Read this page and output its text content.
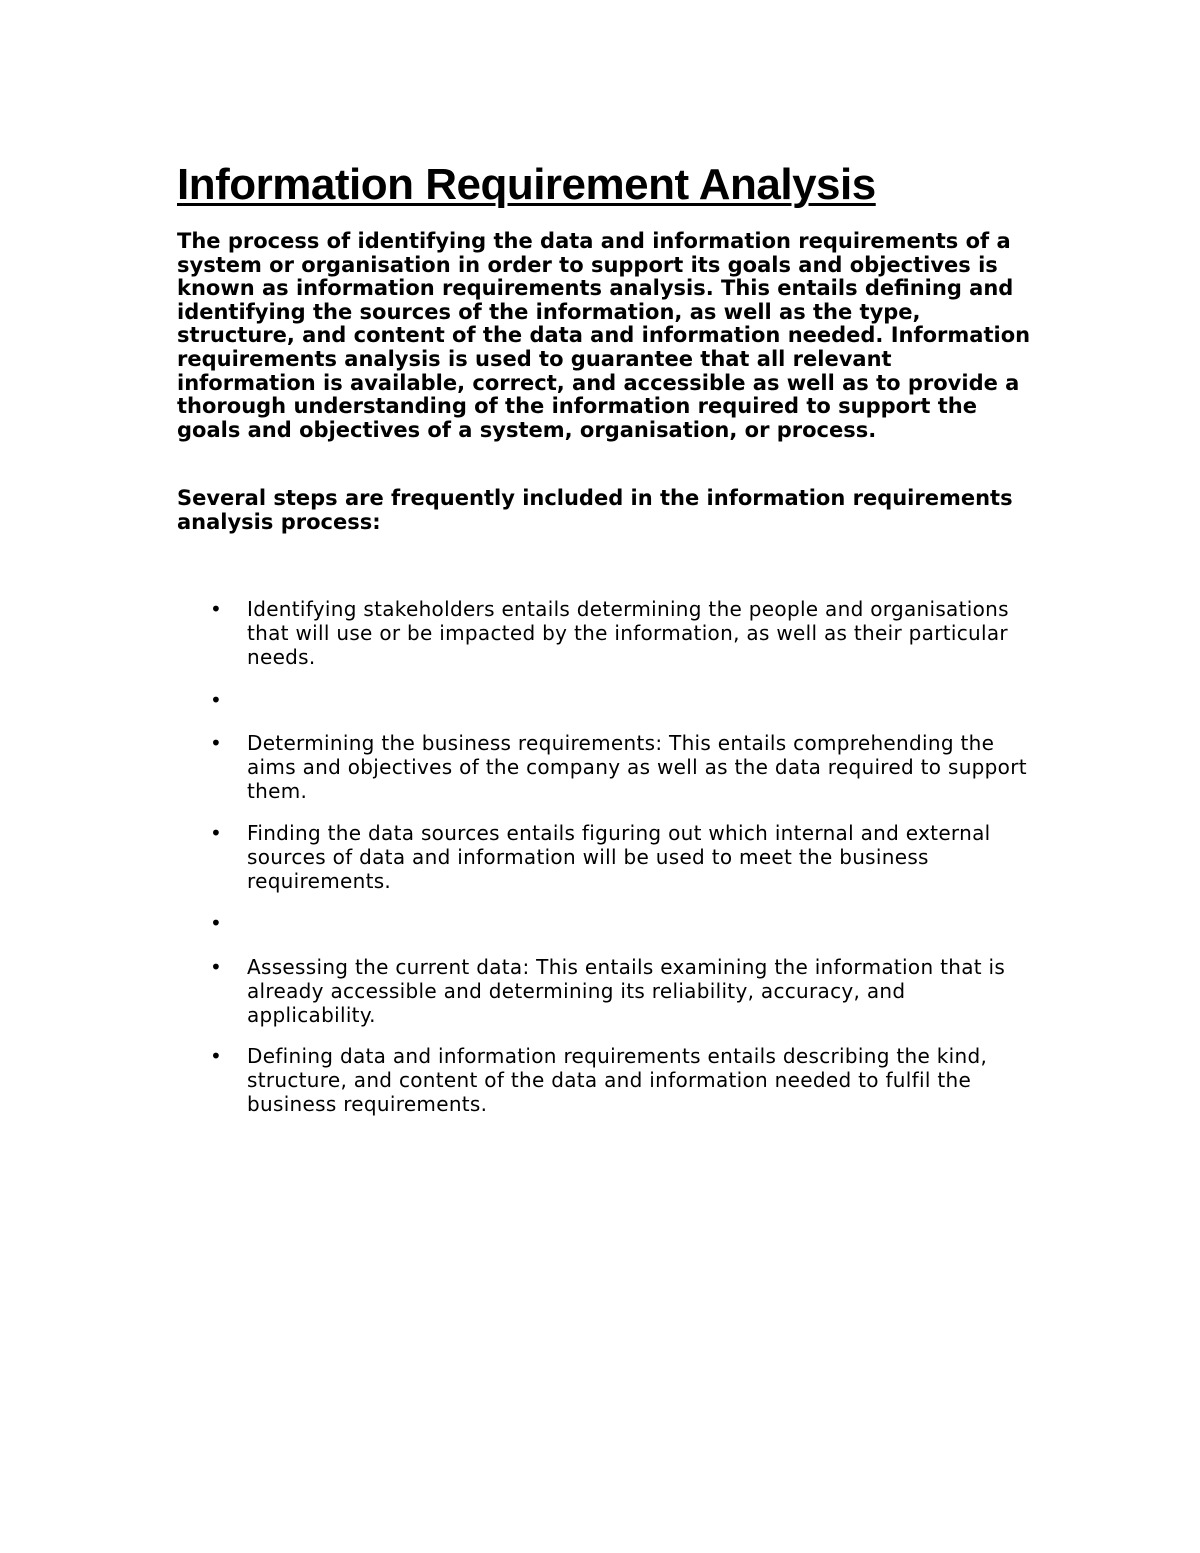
Information Requirement Analysis

The process of identifying the data and information requirements of a system or organisation in order to support its goals and objectives is known as information requirements analysis. This entails defining and identifying the sources of the information, as well as the type, structure, and content of the data and information needed. Information requirements analysis is used to guarantee that all relevant information is available, correct, and accessible as well as to provide a thorough understanding of the information required to support the goals and objectives of a system, organisation, or process.

Several steps are frequently included in the information requirements analysis process:

•	Identifying stakeholders entails determining the people and organisations that will use or be impacted by the information, as well as their particular needs.
•
•	Determining the business requirements: This entails comprehending the aims and objectives of the company as well as the data required to support them.
•	Finding the data sources entails figuring out which internal and external sources of data and information will be used to meet the business requirements.
•
•	Assessing the current data: This entails examining the information that is already accessible and determining its reliability, accuracy, and applicability.
•	Defining data and information requirements entails describing the kind, structure, and content of the data and information needed to fulfil the business requirements.
